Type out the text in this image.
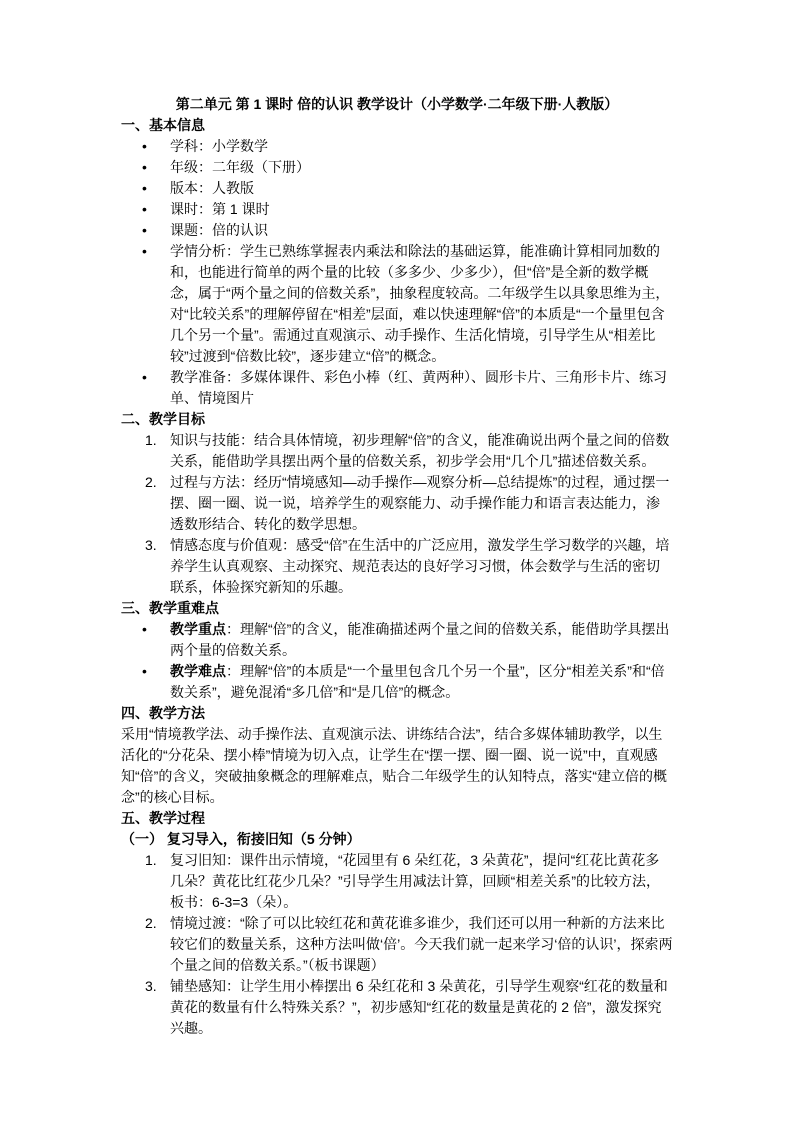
第二单元 第 1 课时 倍的认识 教学设计（小学数学·二年级下册·人教版）
一、基本信息
• 学科：小学数学
• 年级：二年级（下册）
• 版本：人教版
• 课时：第 1 课时
• 课题：倍的认识
• 学情分析：学生已熟练掌握表内乘法和除法的基础运算，能准确计算相同加数的和，也能进行简单的两个量的比较（多多少、少多少），但“倍”是全新的数学概念，属于“两个量之间的倍数关系”，抽象程度较高。二年级学生以具象思维为主，对“比较关系”的理解停留在“相差”层面，难以快速理解“倍”的本质是“一个量里包含几个另一个量”。需通过直观演示、动手操作、生活化情境，引导学生从“相差比较”过渡到“倍数比较”，逐步建立“倍”的概念。
• 教学准备：多媒体课件、彩色小棒（红、黄两种）、圆形卡片、三角形卡片、练习单、情境图片
二、教学目标
1. 知识与技能：结合具体情境，初步理解“倍”的含义，能准确说出两个量之间的倍数关系，能借助学具摆出两个量的倍数关系，初步学会用“几个几”描述倍数关系。
2. 过程与方法：经历“情境感知—动手操作—观察分析—总结提炼”的过程，通过摆一摆、圈一圈、说一说，培养学生的观察能力、动手操作能力和语言表达能力，渗透数形结合、转化的数学思想。
3. 情感态度与价值观：感受“倍”在生活中的广泛应用，激发学生学习数学的兴趣，培养学生认真观察、主动探究、规范表达的良好学习习惯，体会数学与生活的密切联系，体验探究新知的乐趣。
三、教学重难点
• 教学重点：理解“倍”的含义，能准确描述两个量之间的倍数关系，能借助学具摆出两个量的倍数关系。
• 教学难点：理解“倍”的本质是“一个量里包含几个另一个量”，区分“相差关系”和“倍数关系”，避免混淆“多几倍”和“是几倍”的概念。
四、教学方法

采用“情境教学法、动手操作法、直观演示法、讲练结合法”，结合多媒体辅助教学，以生活化的“分花朵、摆小棒”情境为切入点，让学生在“摆一摆、圈一圈、说一说”中，直观感知“倍”的含义，突破抽象概念的理解难点，贴合二年级学生的认知特点，落实“建立倍的概念”的核心目标。

五、教学过程
（一） 复习导入，衔接旧知（5 分钟）
1. 复习旧知：课件出示情境，“花园里有 6 朵红花，3 朵黄花”，提问“红花比黄花多几朵？黄花比红花少几朵？”引导学生用减法计算，回顾“相差关系”的比较方法，板书：6-3=3（朵）。
2. 情境过渡：“除了可以比较红花和黄花谁多谁少，我们还可以用一种新的方法来比较它们的数量关系，这种方法叫做‘倍’。今天我们就一起来学习‘倍的认识’，探索两个量之间的倍数关系。”（板书课题）
3. 铺垫感知：让学生用小棒摆出 6 朵红花和 3 朵黄花，引导学生观察“红花的数量和黄花的数量有什么特殊关系？”，初步感知“红花的数量是黄花的 2 倍”，激发探究兴趣。
